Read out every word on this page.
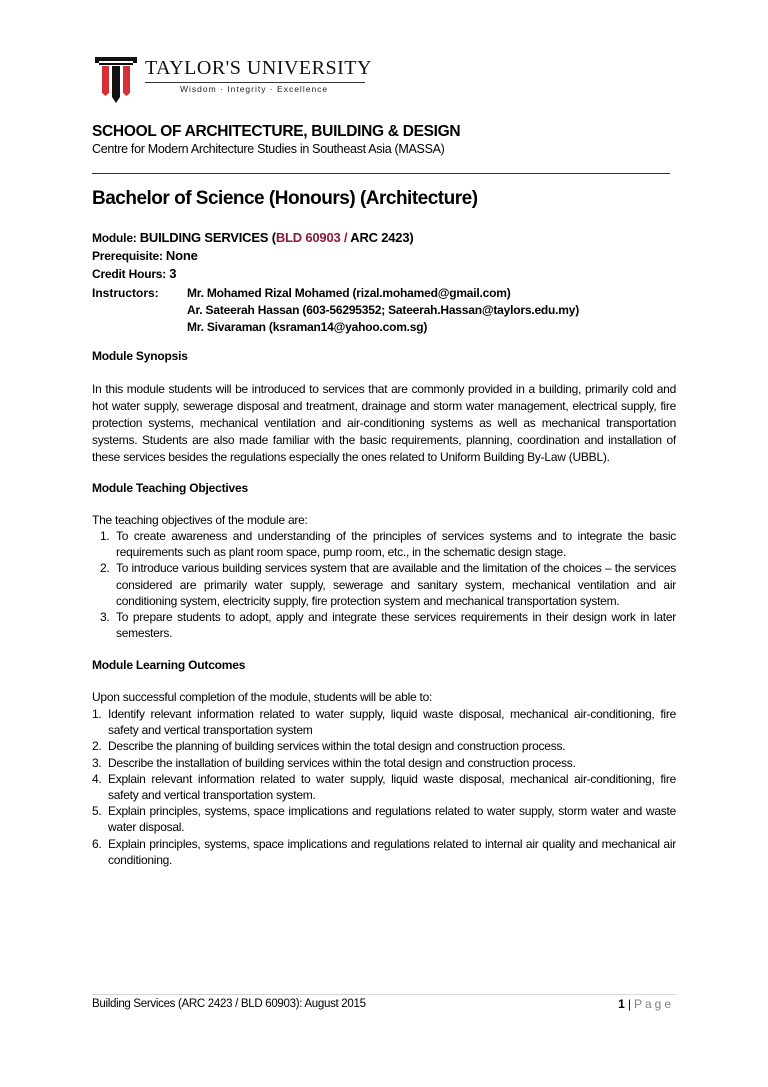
TAYLOR'S UNIVERSITY
Wisdom · Integrity · Excellence
SCHOOL OF ARCHITECTURE, BUILDING & DESIGN
Centre for Modern Architecture Studies in Southeast Asia (MASSA)
Bachelor of Science (Honours) (Architecture)
Module: BUILDING SERVICES (BLD 60903 / ARC 2423)
Prerequisite: None
Credit Hours: 3
Instructors: Mr. Mohamed Rizal Mohamed (rizal.mohamed@gmail.com)
Ar. Sateerah Hassan (603-56295352; Sateerah.Hassan@taylors.edu.my)
Mr. Sivaraman (ksraman14@yahoo.com.sg)
Module Synopsis
In this module students will be introduced to services that are commonly provided in a building, primarily cold and hot water supply, sewerage disposal and treatment, drainage and storm water management, electrical supply, fire protection systems, mechanical ventilation and air-conditioning systems as well as mechanical transportation systems. Students are also made familiar with the basic requirements, planning, coordination and installation of these services besides the regulations especially the ones related to Uniform Building By-Law (UBBL).
Module Teaching Objectives
The teaching objectives of the module are:
1. To create awareness and understanding of the principles of services systems and to integrate the basic requirements such as plant room space, pump room, etc., in the schematic design stage.
2. To introduce various building services system that are available and the limitation of the choices – the services considered are primarily water supply, sewerage and sanitary system, mechanical ventilation and air conditioning system, electricity supply, fire protection system and mechanical transportation system.
3. To prepare students to adopt, apply and integrate these services requirements in their design work in later semesters.
Module Learning Outcomes
Upon successful completion of the module, students will be able to:
1. Identify relevant information related to water supply, liquid waste disposal, mechanical air-conditioning, fire safety and vertical transportation system
2. Describe the planning of building services within the total design and construction process.
3. Describe the installation of building services within the total design and construction process.
4. Explain relevant information related to water supply, liquid waste disposal, mechanical air-conditioning, fire safety and vertical transportation system.
5. Explain principles, systems, space implications and regulations related to water supply, storm water and waste water disposal.
6. Explain principles, systems, space implications and regulations related to internal air quality and mechanical air conditioning.
Building Services (ARC 2423 / BLD 60903): August 2015	1 | Page
